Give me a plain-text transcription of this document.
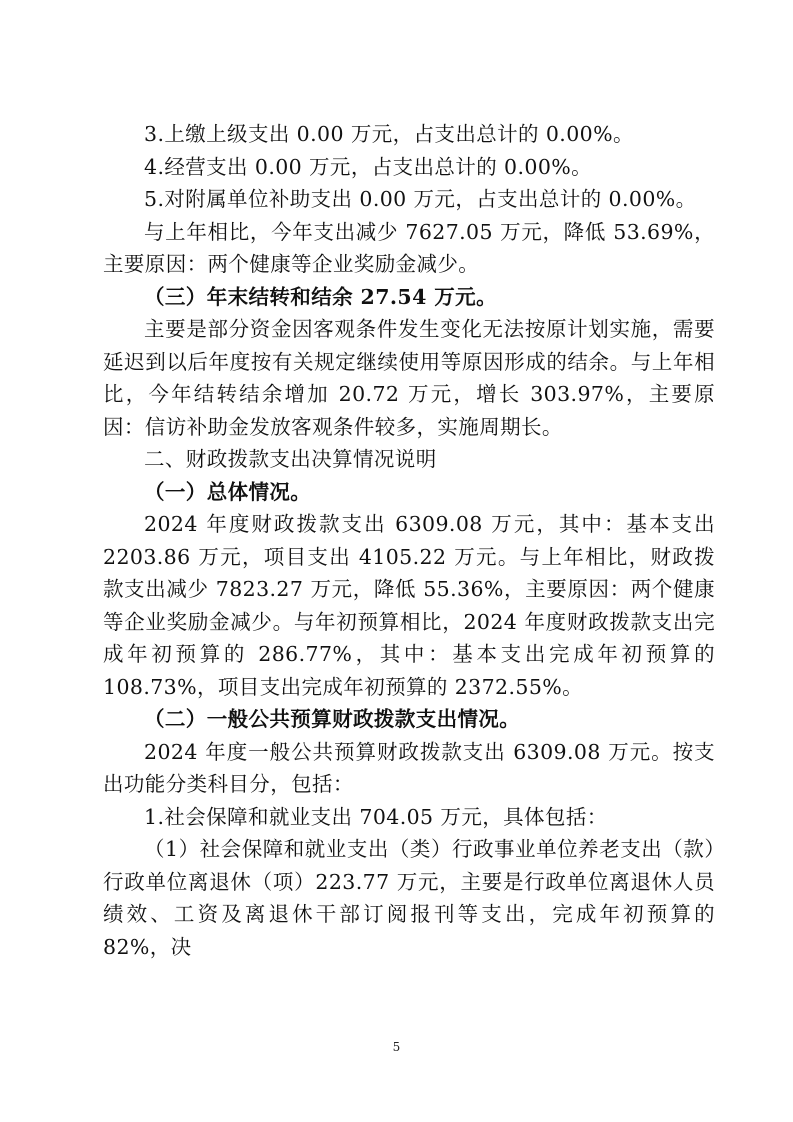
3.上缴上级支出 0.00 万元，占支出总计的 0.00%。

4.经营支出 0.00 万元，占支出总计的 0.00%。

5.对附属单位补助支出 0.00 万元，占支出总计的 0.00%。

与上年相比，今年支出减少 7627.05 万元，降低 53.69%，主要原因：两个健康等企业奖励金减少。

（三）年末结转和结余 27.54 万元。

主要是部分资金因客观条件发生变化无法按原计划实施，需要延迟到以后年度按有关规定继续使用等原因形成的结余。与上年相比，今年结转结余增加 20.72 万元，增长 303.97%，主要原因：信访补助金发放客观条件较多，实施周期长。

二、财政拨款支出决算情况说明

（一）总体情况。

2024 年度财政拨款支出 6309.08 万元，其中：基本支出 2203.86 万元，项目支出 4105.22 万元。与上年相比，财政拨款支出减少 7823.27 万元，降低 55.36%，主要原因：两个健康等企业奖励金减少。与年初预算相比，2024 年度财政拨款支出完成年初预算的 286.77%，其中：基本支出完成年初预算的 108.73%，项目支出完成年初预算的 2372.55%。

（二）一般公共预算财政拨款支出情况。

2024 年度一般公共预算财政拨款支出 6309.08 万元。按支出功能分类科目分，包括：

1.社会保障和就业支出 704.05 万元，具体包括：

（1）社会保障和就业支出（类）行政事业单位养老支出（款）行政单位离退休（项）223.77 万元，主要是行政单位离退休人员绩效、工资及离退休干部订阅报刊等支出，完成年初预算的 82%，决

5
